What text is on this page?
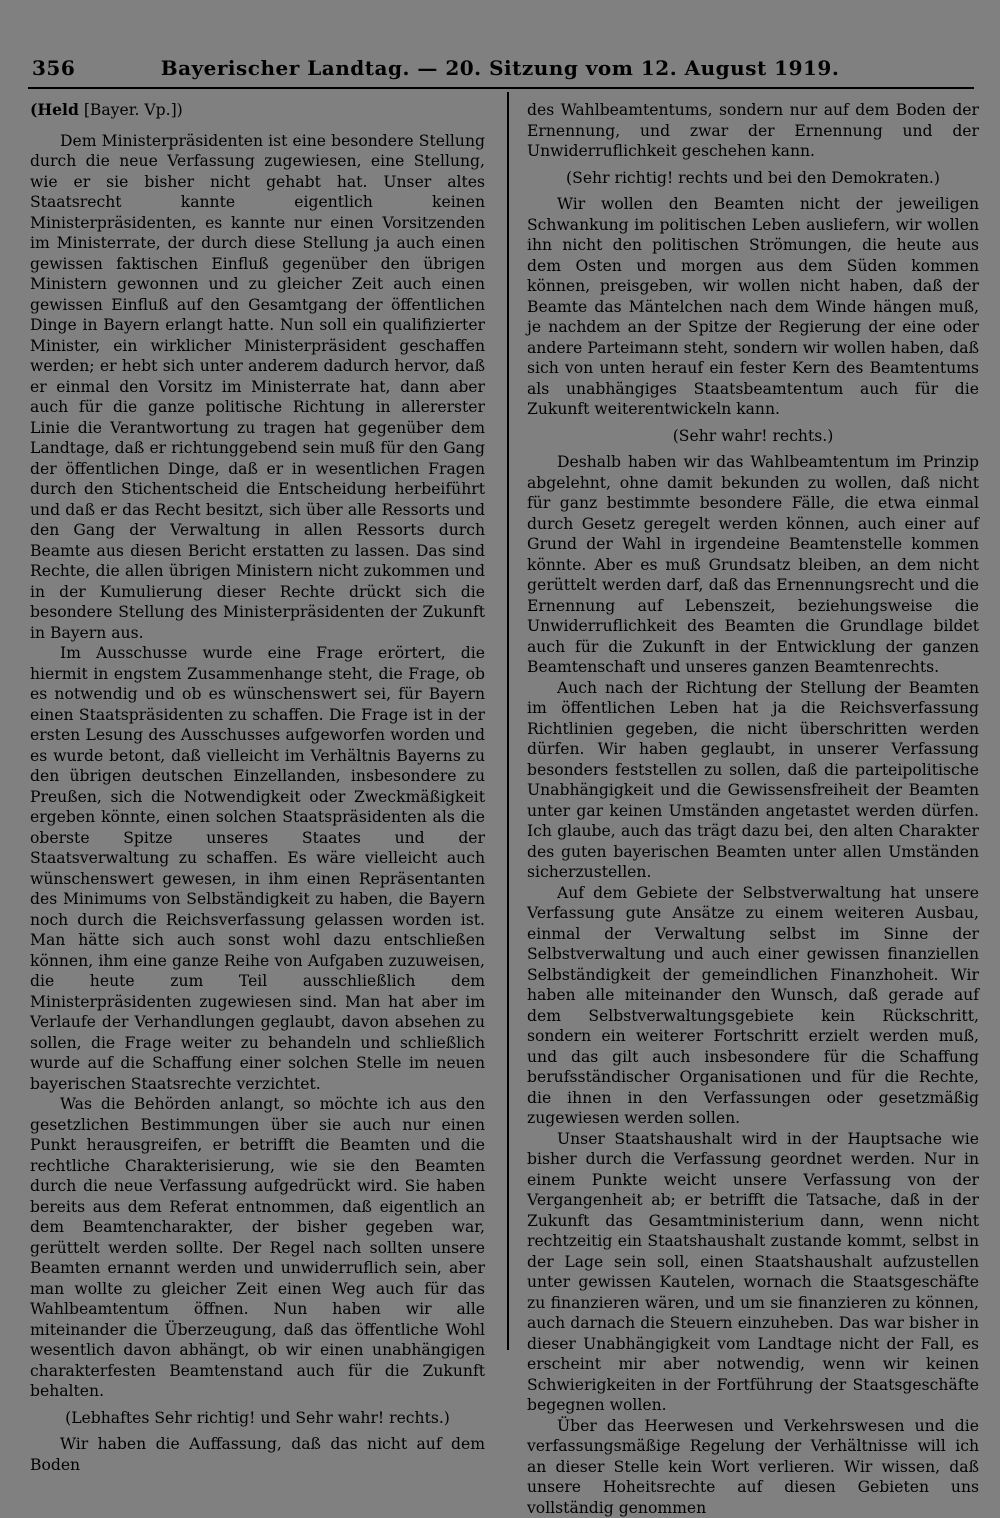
356	Bayerischer Landtag. — 20. Sitzung vom 12. August 1919.

(Held [Bayer. Vp.])

Dem Ministerpräsidenten ist eine besondere Stellung durch die neue Verfassung zugewiesen, eine Stellung, wie er sie bisher nicht gehabt hat. Unser altes Staatsrecht kannte eigentlich keinen Ministerpräsidenten, es kannte nur einen Vorsitzenden im Ministerrate, der durch diese Stellung ja auch einen gewissen faktischen Einfluß gegenüber den übrigen Ministern gewonnen und zu gleicher Zeit auch einen gewissen Einfluß auf den Gesamtgang der öffentlichen Dinge in Bayern erlangt hatte. Nun soll ein qualifizierter Minister, ein wirklicher Ministerpräsident geschaffen werden; er hebt sich unter anderem dadurch hervor, daß er einmal den Vorsitz im Ministerrate hat, dann aber auch für die ganze politische Richtung in allererster Linie die Verantwortung zu tragen hat gegenüber dem Landtage, daß er richtunggebend sein muß für den Gang der öffentlichen Dinge, daß er in wesentlichen Fragen durch den Stichentscheid die Entscheidung herbeiführt und daß er das Recht besitzt, sich über alle Ressorts und den Gang der Verwaltung in allen Ressorts durch Beamte aus diesen Bericht erstatten zu lassen. Das sind Rechte, die allen übrigen Ministern nicht zukommen und in der Kumulierung dieser Rechte drückt sich die besondere Stellung des Ministerpräsidenten der Zukunft in Bayern aus.

Im Ausschusse wurde eine Frage erörtert, die hiermit in engstem Zusammenhange steht, die Frage, ob es notwendig und ob es wünschenswert sei, für Bayern einen Staatspräsidenten zu schaffen. Die Frage ist in der ersten Lesung des Ausschusses aufgeworfen worden und es wurde betont, daß vielleicht im Verhältnis Bayerns zu den übrigen deutschen Einzellanden, insbesondere zu Preußen, sich die Notwendigkeit oder Zweckmäßigkeit ergeben könnte, einen solchen Staatspräsidenten als die oberste Spitze unseres Staates und der Staatsverwaltung zu schaffen. Es wäre vielleicht auch wünschenswert gewesen, in ihm einen Repräsentanten des Minimums von Selbständigkeit zu haben, die Bayern noch durch die Reichsverfassung gelassen worden ist. Man hätte sich auch sonst wohl dazu entschließen können, ihm eine ganze Reihe von Aufgaben zuzuweisen, die heute zum Teil ausschließlich dem Ministerpräsidenten zugewiesen sind. Man hat aber im Verlaufe der Verhandlungen geglaubt, davon absehen zu sollen, die Frage weiter zu behandeln und schließlich wurde auf die Schaffung einer solchen Stelle im neuen bayerischen Staatsrechte verzichtet.

Was die Behörden anlangt, so möchte ich aus den gesetzlichen Bestimmungen über sie auch nur einen Punkt herausgreifen, er betrifft die Beamten und die rechtliche Charakterisierung, wie sie den Beamten durch die neue Verfassung aufgedrückt wird. Sie haben bereits aus dem Referat entnommen, daß eigentlich an dem Beamtencharakter, der bisher gegeben war, gerüttelt werden sollte. Der Regel nach sollten unsere Beamten ernannt werden und unwiderruflich sein, aber man wollte zu gleicher Zeit einen Weg auch für das Wahlbeamtentum öffnen. Nun haben wir alle miteinander die Überzeugung, daß das öffentliche Wohl wesentlich davon abhängt, ob wir einen unabhängigen charakterfesten Beamtenstand auch für die Zukunft behalten.

(Lebhaftes Sehr richtig! und Sehr wahr! rechts.)

Wir haben die Auffassung, daß das nicht auf dem Boden

des Wahlbeamtentums, sondern nur auf dem Boden der Ernennung, und zwar der Ernennung und der Unwiderruflichkeit geschehen kann.

(Sehr richtig! rechts und bei den Demokraten.)

Wir wollen den Beamten nicht der jeweiligen Schwankung im politischen Leben ausliefern, wir wollen ihn nicht den politischen Strömungen, die heute aus dem Osten und morgen aus dem Süden kommen können, preisgeben, wir wollen nicht haben, daß der Beamte das Mäntelchen nach dem Winde hängen muß, je nachdem an der Spitze der Regierung der eine oder andere Parteimann steht, sondern wir wollen haben, daß sich von unten herauf ein fester Kern des Beamtentums als unabhängiges Staatsbeamtentum auch für die Zukunft weiterentwickeln kann.

(Sehr wahr! rechts.)

Deshalb haben wir das Wahlbeamtentum im Prinzip abgelehnt, ohne damit bekunden zu wollen, daß nicht für ganz bestimmte besondere Fälle, die etwa einmal durch Gesetz geregelt werden können, auch einer auf Grund der Wahl in irgendeine Beamtenstelle kommen könnte. Aber es muß Grundsatz bleiben, an dem nicht gerüttelt werden darf, daß das Ernennungsrecht und die Ernennung auf Lebenszeit, beziehungsweise die Unwiderruflichkeit des Beamten die Grundlage bildet auch für die Zukunft in der Entwicklung der ganzen Beamtenschaft und unseres ganzen Beamtenrechts.

Auch nach der Richtung der Stellung der Beamten im öffentlichen Leben hat ja die Reichsverfassung Richtlinien gegeben, die nicht überschritten werden dürfen. Wir haben geglaubt, in unserer Verfassung besonders feststellen zu sollen, daß die parteipolitische Unabhängigkeit und die Gewissensfreiheit der Beamten unter gar keinen Umständen angetastet werden dürfen. Ich glaube, auch das trägt dazu bei, den alten Charakter des guten bayerischen Beamten unter allen Umständen sicherzustellen.

Auf dem Gebiete der Selbstverwaltung hat unsere Verfassung gute Ansätze zu einem weiteren Ausbau, einmal der Verwaltung selbst im Sinne der Selbstverwaltung und auch einer gewissen finanziellen Selbständigkeit der gemeindlichen Finanzhoheit. Wir haben alle miteinander den Wunsch, daß gerade auf dem Selbstverwaltungsgebiete kein Rückschritt, sondern ein weiterer Fortschritt erzielt werden muß, und das gilt auch insbesondere für die Schaffung berufsständischer Organisationen und für die Rechte, die ihnen in den Verfassungen oder gesetzmäßig zugewiesen werden sollen.

Unser Staatshaushalt wird in der Hauptsache wie bisher durch die Verfassung geordnet werden. Nur in einem Punkte weicht unsere Verfassung von der Vergangenheit ab; er betrifft die Tatsache, daß in der Zukunft das Gesamtministerium dann, wenn nicht rechtzeitig ein Staatshaushalt zustande kommt, selbst in der Lage sein soll, einen Staatshaushalt aufzustellen unter gewissen Kautelen, wornach die Staatsgeschäfte zu finanzieren wären, und um sie finanzieren zu können, auch darnach die Steuern einzuheben. Das war bisher in dieser Unabhängigkeit vom Landtage nicht der Fall, es erscheint mir aber notwendig, wenn wir keinen Schwierigkeiten in der Fortführung der Staatsgeschäfte begegnen wollen.

Über das Heerwesen und Verkehrswesen und die verfassungsmäßige Regelung der Verhältnisse will ich an dieser Stelle kein Wort verlieren. Wir wissen, daß unsere Hoheitsrechte auf diesen Gebieten uns vollständig genommen
